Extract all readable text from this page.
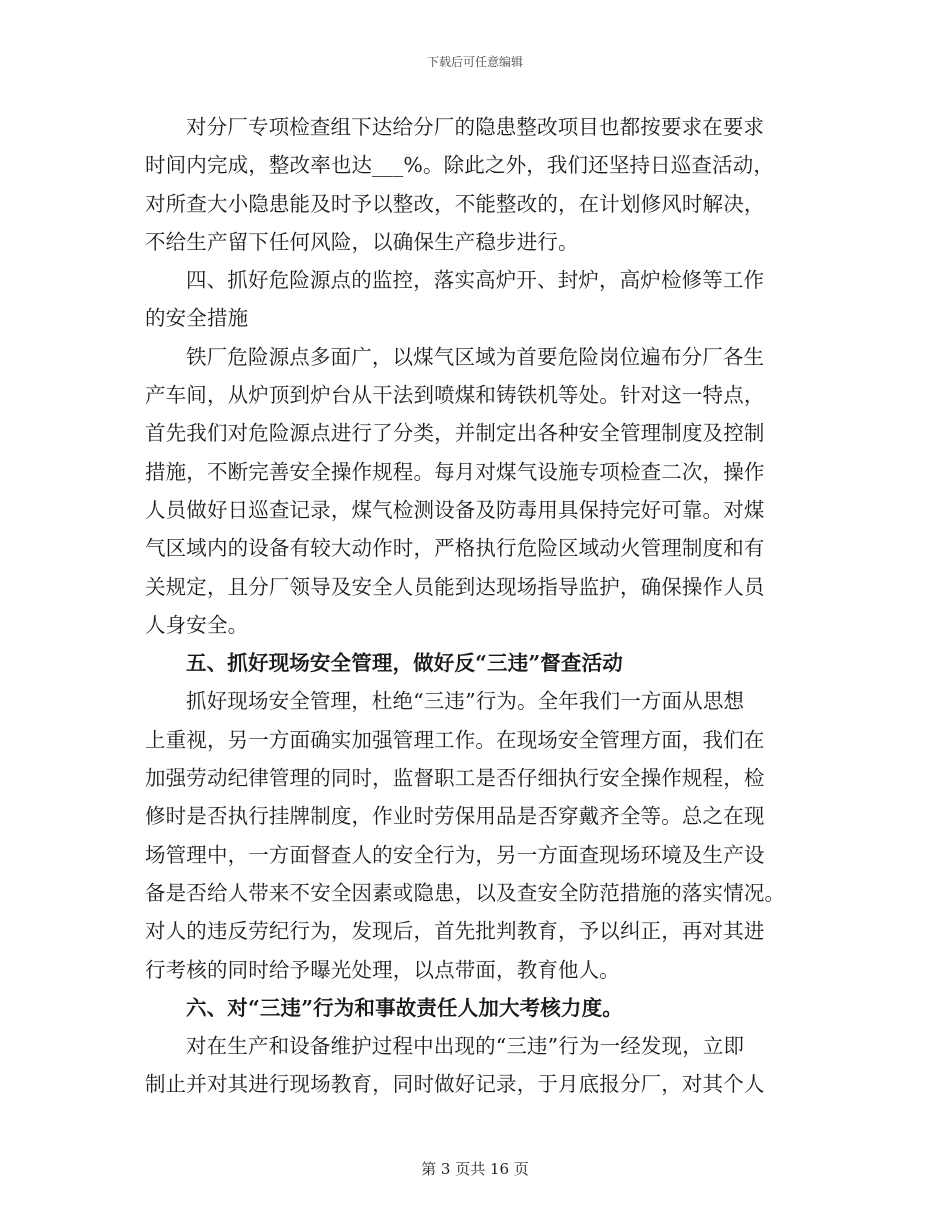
下载后可任意编辑
对分厂专项检查组下达给分厂的隐患整改项目也都按要求在要求
时间内完成，整改率也达___%。除此之外，我们还坚持日巡查活动，
对所查大小隐患能及时予以整改，不能整改的，在计划修风时解决，
不给生产留下任何风险，以确保生产稳步进行。
四、抓好危险源点的监控，落实高炉开、封炉，高炉检修等工作
的安全措施
铁厂危险源点多面广，以煤气区域为首要危险岗位遍布分厂各生
产车间，从炉顶到炉台从干法到喷煤和铸铁机等处。针对这一特点，
首先我们对危险源点进行了分类，并制定出各种安全管理制度及控制
措施，不断完善安全操作规程。每月对煤气设施专项检查二次，操作
人员做好日巡查记录，煤气检测设备及防毒用具保持完好可靠。对煤
气区域内的设备有较大动作时，严格执行危险区域动火管理制度和有
关规定，且分厂领导及安全人员能到达现场指导监护，确保操作人员
人身安全。
五、抓好现场安全管理，做好反“三违”督查活动
抓好现场安全管理，杜绝“三违”行为。全年我们一方面从思想
上重视，另一方面确实加强管理工作。在现场安全管理方面，我们在
加强劳动纪律管理的同时，监督职工是否仔细执行安全操作规程，检
修时是否执行挂牌制度，作业时劳保用品是否穿戴齐全等。总之在现
场管理中，一方面督查人的安全行为，另一方面查现场环境及生产设
备是否给人带来不安全因素或隐患，以及查安全防范措施的落实情况。
对人的违反劳纪行为，发现后，首先批判教育，予以纠正，再对其进
行考核的同时给予曝光处理，以点带面，教育他人。
六、对“三违”行为和事故责任人加大考核力度。
对在生产和设备维护过程中出现的“三违”行为一经发现，立即
制止并对其进行现场教育，同时做好记录，于月底报分厂，对其个人
第 3 页共 16 页
